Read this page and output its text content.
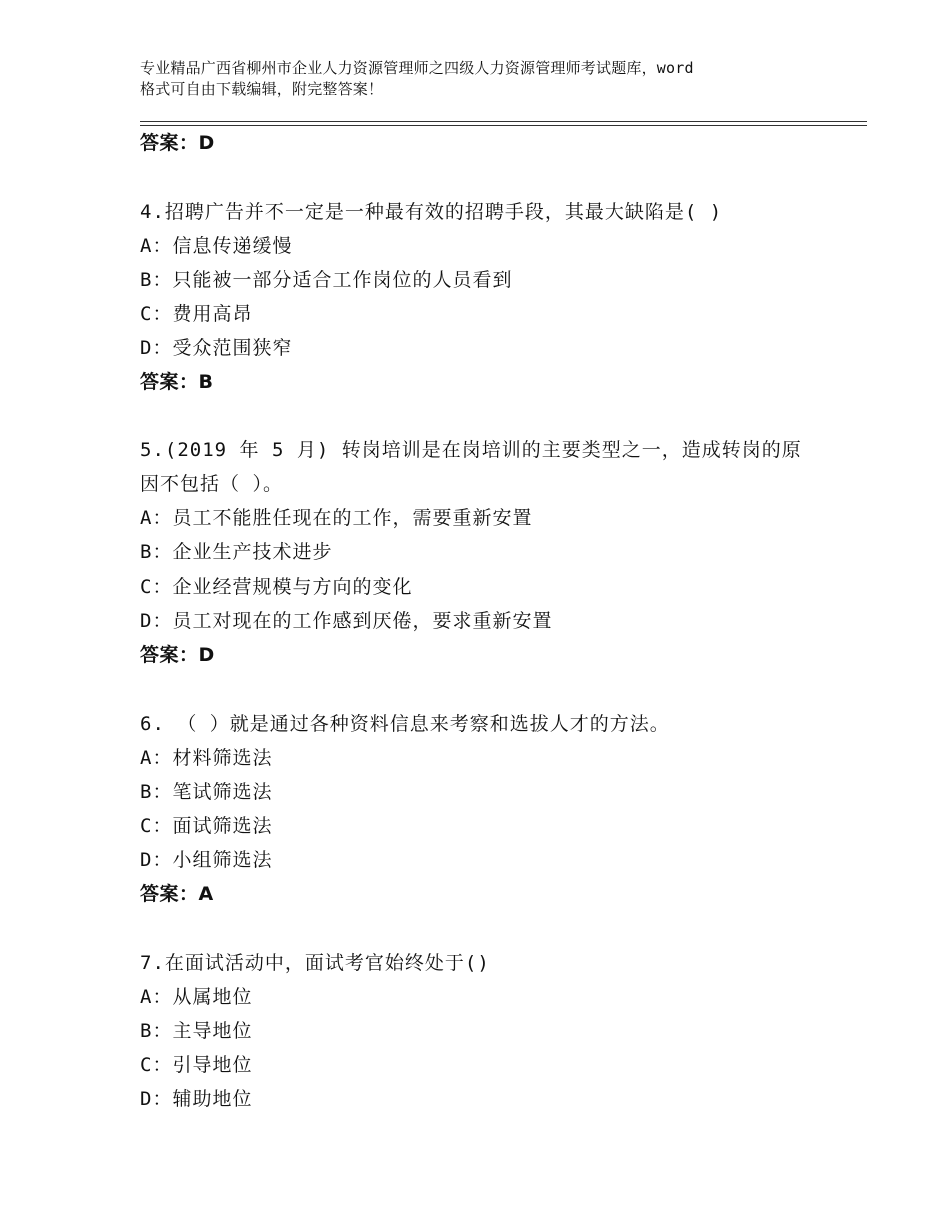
专业精品广西省柳州市企业人力资源管理师之四级人力资源管理师考试题库，word
格式可自由下载编辑，附完整答案！
答案：D
4.招聘广告并不一定是一种最有效的招聘手段，其最大缺陷是( )
A：信息传递缓慢
B：只能被一部分适合工作岗位的人员看到
C：费用高昂
D：受众范围狭窄
答案：B
5.(2019 年 5 月) 转岗培训是在岗培训的主要类型之一，造成转岗的原
因不包括（ ）。
A：员工不能胜任现在的工作，需要重新安置
B：企业生产技术进步
C：企业经营规模与方向的变化
D：员工对现在的工作感到厌倦，要求重新安置
答案：D
6. （ ）就是通过各种资料信息来考察和选拔人才的方法。
A：材料筛选法
B：笔试筛选法
C：面试筛选法
D：小组筛选法
答案：A
7.在面试活动中，面试考官始终处于()
A：从属地位
B：主导地位
C：引导地位
D：辅助地位
